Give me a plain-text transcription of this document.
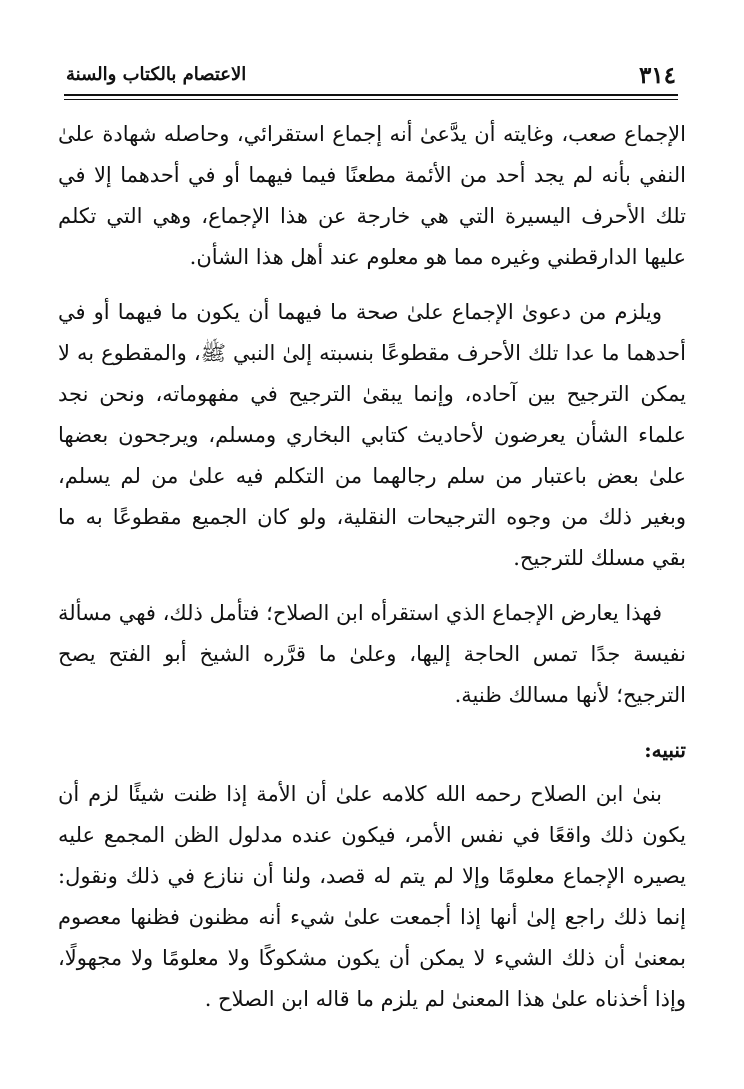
٣١٤
الاعتصام بالكتاب والسنة

الإجماع صعب، وغايته أن يدَّعىٰ أنه إجماع استقرائي، وحاصله شهادة علىٰ النفي بأنه لم يجد أحد من الأئمة مطعنًا فيما فيهما أو في أحدهما إلا في تلك الأحرف اليسيرة التي هي خارجة عن هذا الإجماع، وهي التي تكلم عليها الدارقطني وغيره مما هو معلوم عند أهل هذا الشأن.

ويلزم من دعوىٰ الإجماع علىٰ صحة ما فيهما أن يكون ما فيهما أو في أحدهما ما عدا تلك الأحرف مقطوعًا بنسبته إلىٰ النبي ﷺ، والمقطوع به لا يمكن الترجيح بين آحاده، وإنما يبقىٰ الترجيح في مفهوماته، ونحن نجد علماء الشأن يعرضون لأحاديث كتابي البخاري ومسلم، ويرجحون بعضها علىٰ بعض باعتبار من سلم رجالهما من التكلم فيه علىٰ من لم يسلم، وبغير ذلك من وجوه الترجيحات النقلية، ولو كان الجميع مقطوعًا به ما بقي مسلك للترجيح.

فهذا يعارض الإجماع الذي استقرأه ابن الصلاح؛ فتأمل ذلك، فهي مسألة نفيسة جدًا تمس الحاجة إليها، وعلىٰ ما قرَّره الشيخ أبو الفتح يصح الترجيح؛ لأنها مسالك ظنية.

تنبيه:

بنىٰ ابن الصلاح رحمه الله كلامه علىٰ أن الأمة إذا ظنت شيئًا لزم أن يكون ذلك واقعًا في نفس الأمر، فيكون عنده مدلول الظن المجمع عليه يصيره الإجماع معلومًا وإلا لم يتم له قصد، ولنا أن ننازع في ذلك ونقول: إنما ذلك راجع إلىٰ أنها إذا أجمعت علىٰ شيء أنه مظنون فظنها معصوم بمعنىٰ أن ذلك الشيء لا يمكن أن يكون مشكوكًا ولا معلومًا ولا مجهولًا، وإذا أخذناه علىٰ هذا المعنىٰ لم يلزم ما قاله ابن الصلاح .
